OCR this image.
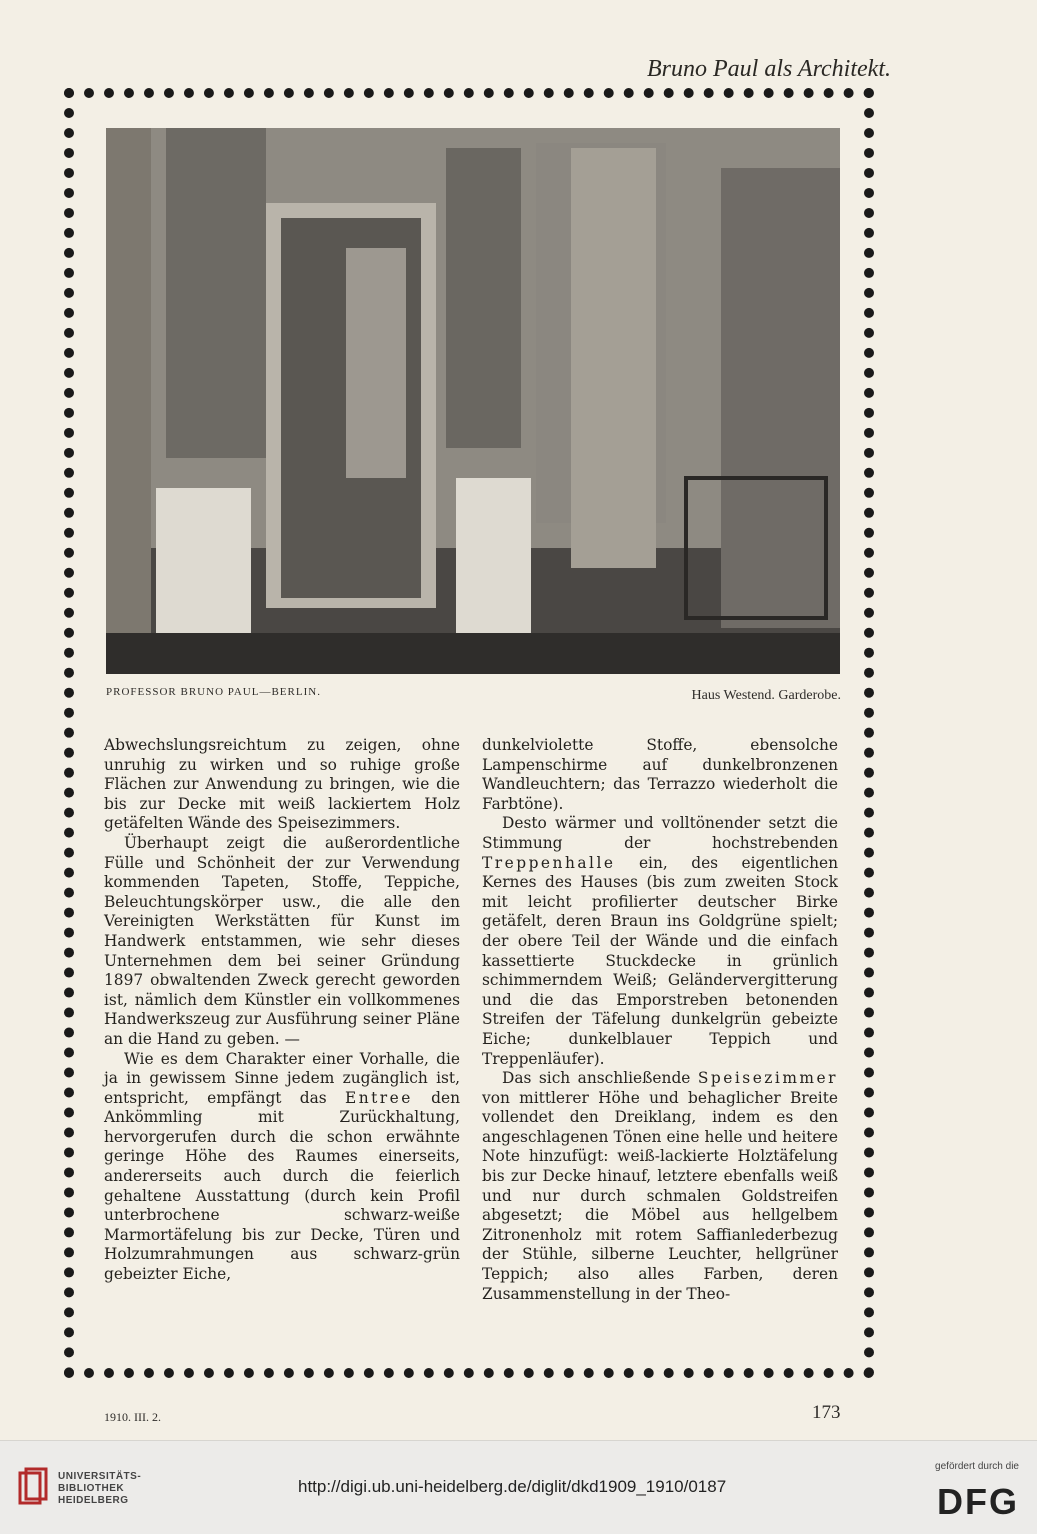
Bruno Paul als Architekt.
PROFESSOR BRUNO PAUL—BERLIN.	Haus Westend. Garderobe.

Abwechslungsreichtum zu zeigen, ohne unruhig zu wirken und so ruhige große Flächen zur Anwendung zu bringen, wie die bis zur Decke mit weiß lackiertem Holz getäfelten Wände des Speisezimmers.

Überhaupt zeigt die außerordentliche Fülle und Schönheit der zur Verwendung kommenden Tapeten, Stoffe, Teppiche, Beleuchtungskörper usw., die alle den Vereinigten Werkstätten für Kunst im Handwerk entstammen, wie sehr dieses Unternehmen dem bei seiner Gründung 1897 obwaltenden Zweck gerecht geworden ist, nämlich dem Künstler ein vollkommenes Handwerkszeug zur Ausführung seiner Pläne an die Hand zu geben. —

Wie es dem Charakter einer Vorhalle, die ja in gewissem Sinne jedem zugänglich ist, entspricht, empfängt das Entree den Ankömmling mit Zurückhaltung, hervorgerufen durch die schon erwähnte geringe Höhe des Raumes einerseits, andererseits auch durch die feierlich gehaltene Ausstattung (durch kein Profil unterbrochene schwarz-weiße Marmortäfelung bis zur Decke, Türen und Holzumrahmungen aus schwarz-grün gebeizter Eiche,

dunkelviolette Stoffe, ebensolche Lampenschirme auf dunkelbronzenen Wandleuchtern; das Terrazzo wiederholt die Farbtöne).

Desto wärmer und volltönender setzt die Stimmung der hochstrebenden Treppenhalle ein, des eigentlichen Kernes des Hauses (bis zum zweiten Stock mit leicht profilierter deutscher Birke getäfelt, deren Braun ins Goldgrüne spielt; der obere Teil der Wände und die einfach kassettierte Stuckdecke in grünlich schimmerndem Weiß; Geländervergitterung und die das Emporstreben betonenden Streifen der Täfelung dunkelgrün gebeizte Eiche; dunkelblauer Teppich und Treppenläufer).

Das sich anschließende Speisezimmer von mittlerer Höhe und behaglicher Breite vollendet den Dreiklang, indem es den angeschlagenen Tönen eine helle und heitere Note hinzufügt: weiß-lackierte Holztäfelung bis zur Decke hinauf, letztere ebenfalls weiß und nur durch schmalen Goldstreifen abgesetzt; die Möbel aus hellgelbem Zitronenholz mit rotem Saffianlederbezug der Stühle, silberne Leuchter, hellgrüner Teppich; also alles Farben, deren Zusammenstellung in der Theo-

1910. III. 2.	173
UNIVERSITÄTS-
BIBLIOTHEK
HEIDELBERG
http://digi.ub.uni-heidelberg.de/diglit/dkd1909_1910/0187
gefördert durch die
DFG
